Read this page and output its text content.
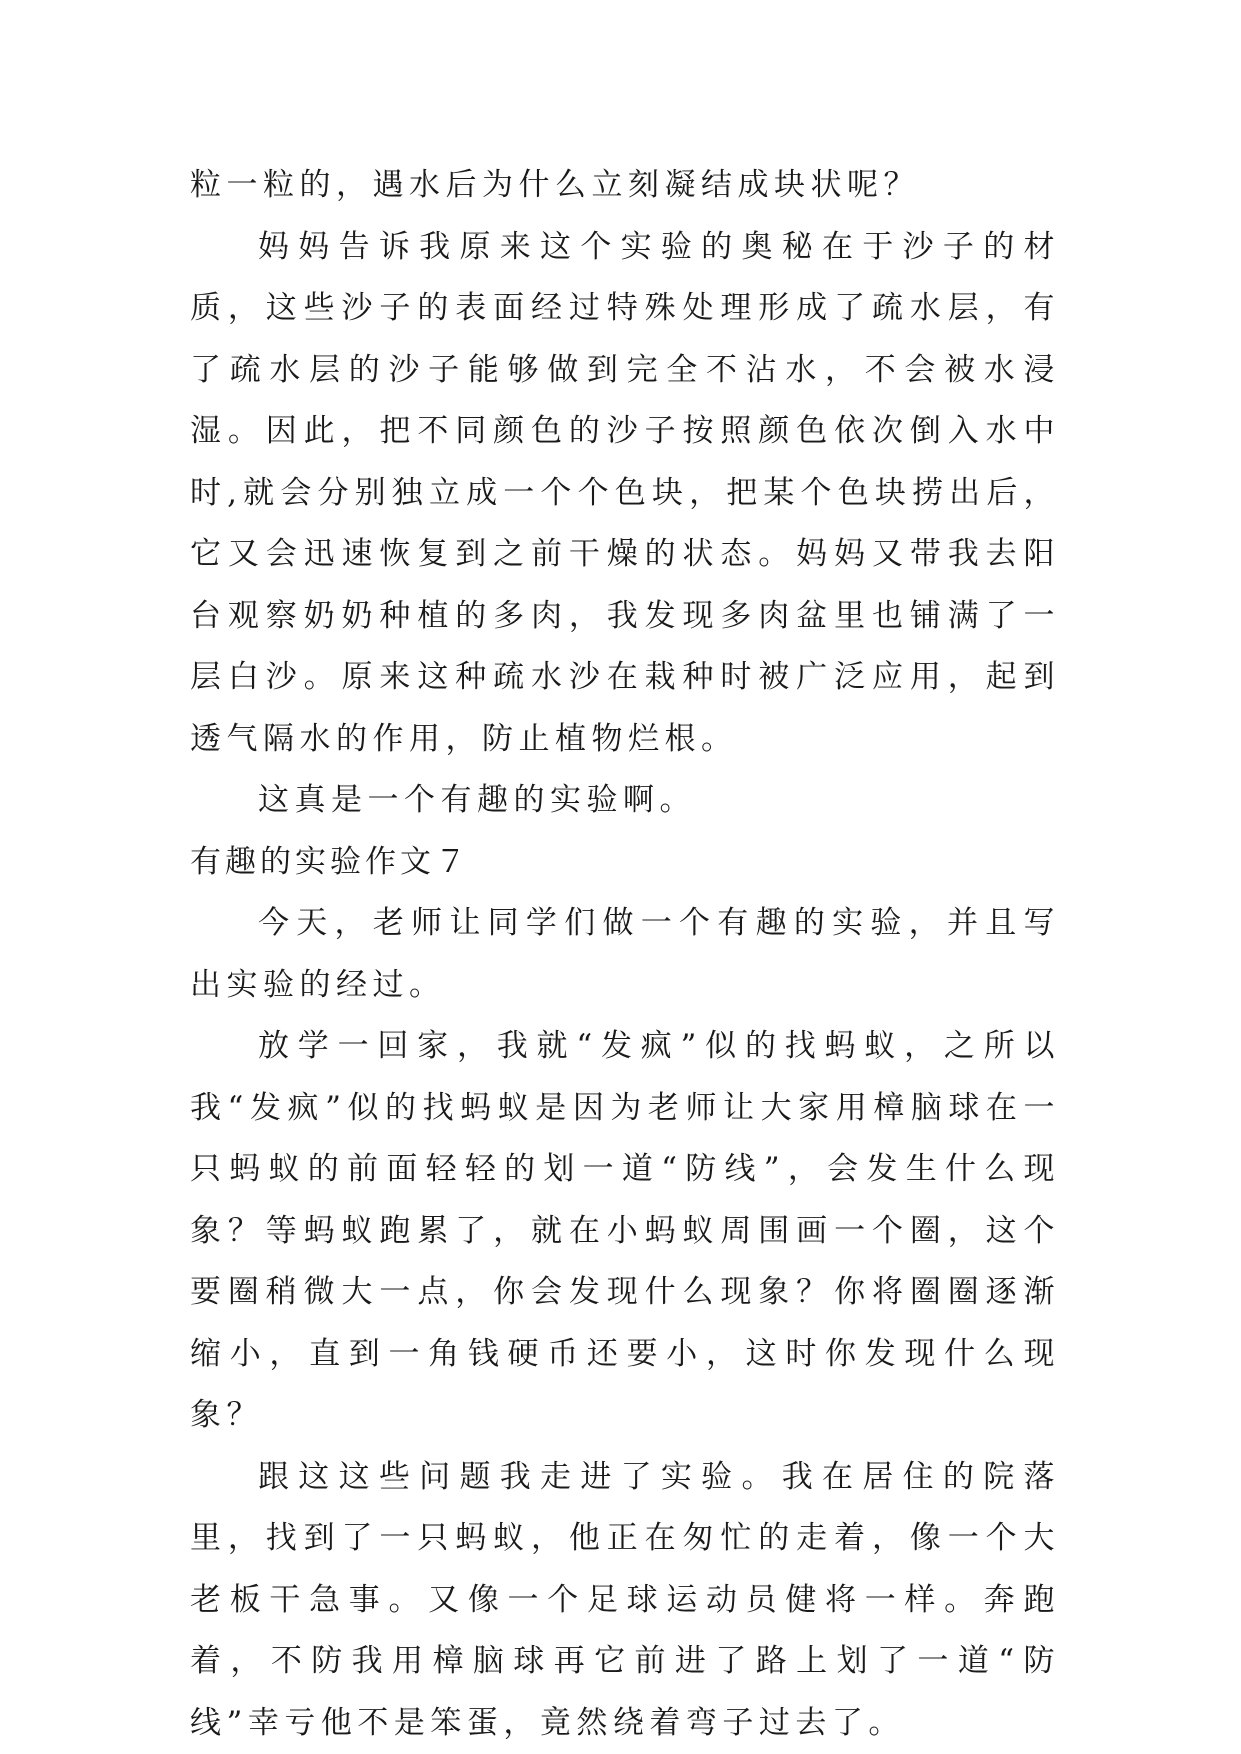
粒一粒的，遇水后为什么立刻凝结成块状呢？

妈妈告诉我原来这个实验的奥秘在于沙子的材质，这些沙子的表面经过特殊处理形成了疏水层，有了疏水层的沙子能够做到完全不沾水，不会被水浸湿。因此，把不同颜色的沙子按照颜色依次倒入水中时,就会分别独立成一个个色块，把某个色块捞出后，它又会迅速恢复到之前干燥的状态。妈妈又带我去阳台观察奶奶种植的多肉，我发现多肉盆里也铺满了一层白沙。原来这种疏水沙在栽种时被广泛应用，起到透气隔水的作用，防止植物烂根。

这真是一个有趣的实验啊。

有趣的实验作文７

今天，老师让同学们做一个有趣的实验，并且写出实验的经过。

放学一回家，我就“发疯”似的找蚂蚁，之所以我“发疯”似的找蚂蚁是因为老师让大家用樟脑球在一只蚂蚁的前面轻轻的划一道“防线”，会发生什么现象？等蚂蚁跑累了，就在小蚂蚁周围画一个圈，这个要圈稍微大一点，你会发现什么现象？你将圈圈逐渐缩小，直到一角钱硬币还要小，这时你发现什么现象？

跟这这些问题我走进了实验。我在居住的院落里，找到了一只蚂蚁，他正在匆忙的走着，像一个大老板干急事。又像一个足球运动员健将一样。奔跑着，不防我用樟脑球再它前进了路上划了一道“防线”幸亏他不是笨蛋，竟然绕着弯子过去了。
